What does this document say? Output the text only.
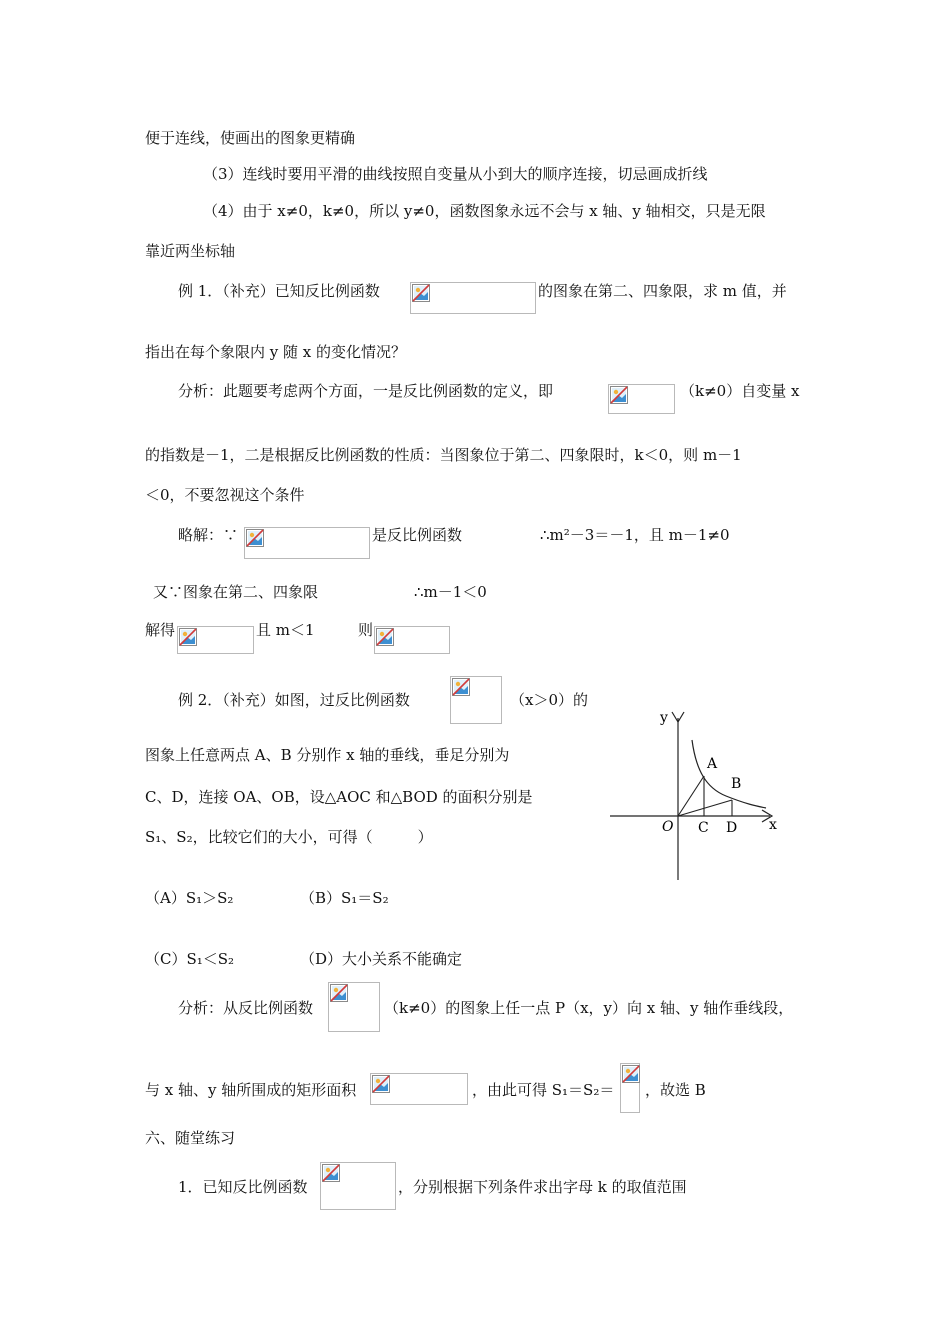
便于连线，使画出的图象更精确
（3）连线时要用平滑的曲线按照自变量从小到大的顺序连接，切忌画成折线
（4）由于 x≠0，k≠0，所以 y≠0，函数图象永远不会与 x 轴、y 轴相交，只是无限
靠近两坐标轴
例 1．（补充）已知反比例函数	的图象在第二、四象限，求 m 值，并
指出在每个象限内 y 随 x 的变化情况？
分析：此题要考虑两个方面，一是反比例函数的定义，即	（k≠0）自变量 x
的指数是－1，二是根据反比例函数的性质：当图象位于第二、四象限时，k＜0，则 m－1
＜0，不要忽视这个条件
略解：∵	是反比例函数	∴m²－3＝－1，且 m－1≠0
又∵图象在第二、四象限	∴m－1＜0
解得	且 m＜1	则
例 2．（补充）如图，过反比例函数	（x＞0）的
图象上任意两点 A、B 分别作 x 轴的垂线，垂足分别为
C、D，连接 OA、OB，设△AOC 和△BOD 的面积分别是
S₁、S₂，比较它们的大小，可得（　　　）
y
x
O
A
B
C D
（A）S₁＞S₂	（B）S₁＝S₂
（C）S₁＜S₂	（D）大小关系不能确定
分析：从反比例函数	（k≠0）的图象上任一点 P（x，y）向 x 轴、y 轴作垂线段，
与 x 轴、y 轴所围成的矩形面积	，由此可得 S₁＝S₂＝ ，故选 B
六、随堂练习
1．已知反比例函数	，分别根据下列条件求出字母 k 的取值范围
